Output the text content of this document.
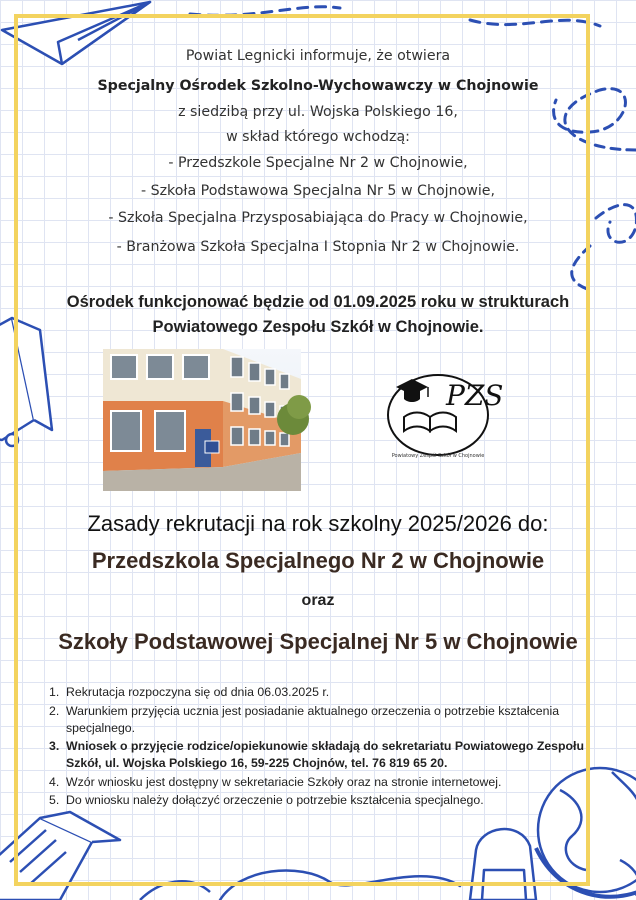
Powiat Legnicki informuje, że otwiera
Specjalny Ośrodek Szkolno-Wychowawczy w Chojnowie
z siedzibą przy ul. Wojska Polskiego 16,
w skład którego wchodzą:
- Przedszkole Specjalne Nr 2 w Chojnowie,
- Szkoła Podstawowa Specjalna Nr 5 w Chojnowie,
- Szkoła Specjalna Przysposabiająca do Pracy w Chojnowie,
- Branżowa Szkoła Specjalna I Stopnia Nr 2 w Chojnowie.
Ośrodek funkcjonować będzie od 01.09.2025 roku w strukturach
Powiatowego Zespołu Szkół w Chojnowie.
PZS
Powiatowy Zespół Szkół w Chojnowie
Zasady rekrutacji na rok szkolny 2025/2026 do:
Przedszkola Specjalnego Nr 2 w Chojnowie
oraz
Szkoły Podstawowej Specjalnej Nr 5 w Chojnowie
1. Rekrutacja rozpoczyna się od dnia 06.03.2025 r.
2. Warunkiem przyjęcia ucznia jest posiadanie aktualnego orzeczenia o potrzebie kształcenia specjalnego.
3. Wniosek o przyjęcie rodzice/opiekunowie składają do sekretariatu Powiatowego Zespołu Szkół, ul. Wojska Polskiego 16, 59-225 Chojnów, tel. 76 819 65 20.
4. Wzór wniosku jest dostępny w sekretariacie Szkoły oraz na stronie internetowej.
5. Do wniosku należy dołączyć orzeczenie o potrzebie kształcenia specjalnego.
